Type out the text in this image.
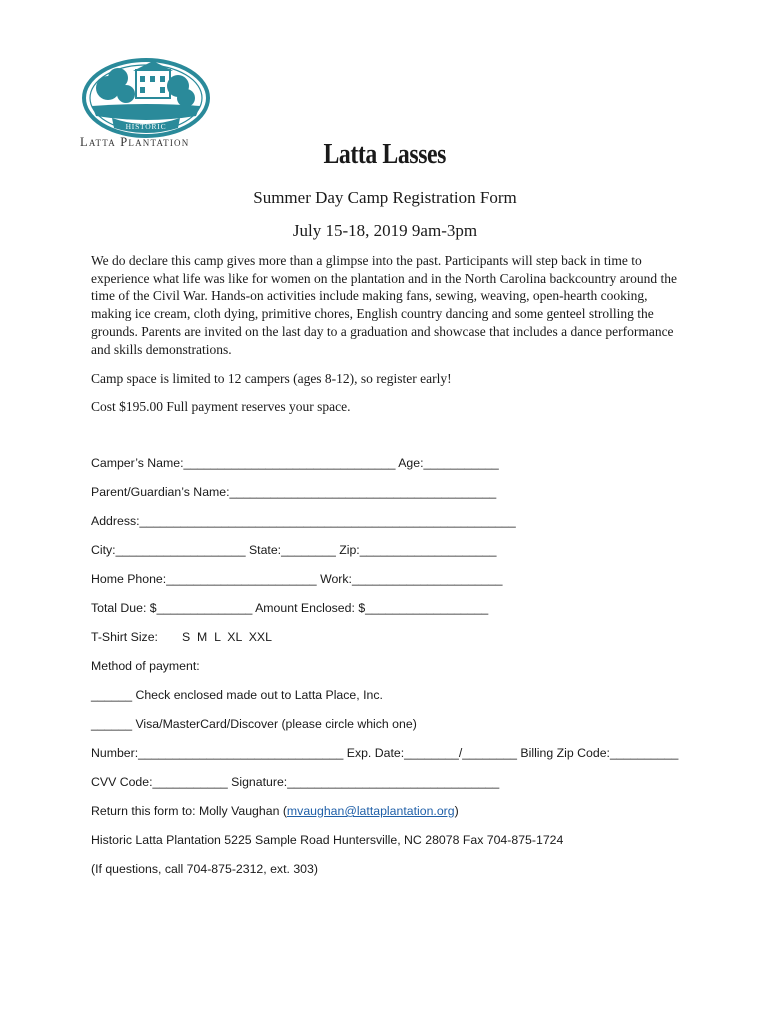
HISTORIC
Latta Plantation	Latta Lasses
Summer Day Camp Registration Form
July 15-18, 2019 9am-3pm
We do declare this camp gives more than a glimpse into the past. Participants will step back in time to experience what life was like for women on the plantation and in the North Carolina backcountry around the time of the Civil War. Hands-on activities include making fans, sewing, weaving, open-hearth cooking, making ice cream, cloth dying, primitive chores, English country dancing and some genteel strolling the grounds. Parents are invited on the last day to a graduation and showcase that includes a dance performance and skills demonstrations.
Camp space is limited to 12 campers (ages 8-12), so register early!
Cost $195.00 Full payment reserves your space.
Camper’s Name:_______________________________ Age:___________
Parent/Guardian’s Name:_______________________________________
Address:_______________________________________________________
City:___________________ State:________ Zip:____________________
Home Phone:______________________ Work:______________________
Total Due: $______________ Amount Enclosed: $__________________
T-Shirt Size: S  M  L  XL  XXL
Method of payment:
______ Check enclosed made out to Latta Place, Inc.
______ Visa/MasterCard/Discover (please circle which one)
Number:______________________________ Exp. Date:________/________ Billing Zip Code:__________
CVV Code:___________ Signature:_______________________________
Return this form to: Molly Vaughan (mvaughan@lattaplantation.org)
Historic Latta Plantation 5225 Sample Road Huntersville, NC 28078 Fax 704-875-1724
(If questions, call 704-875-2312, ext. 303)
